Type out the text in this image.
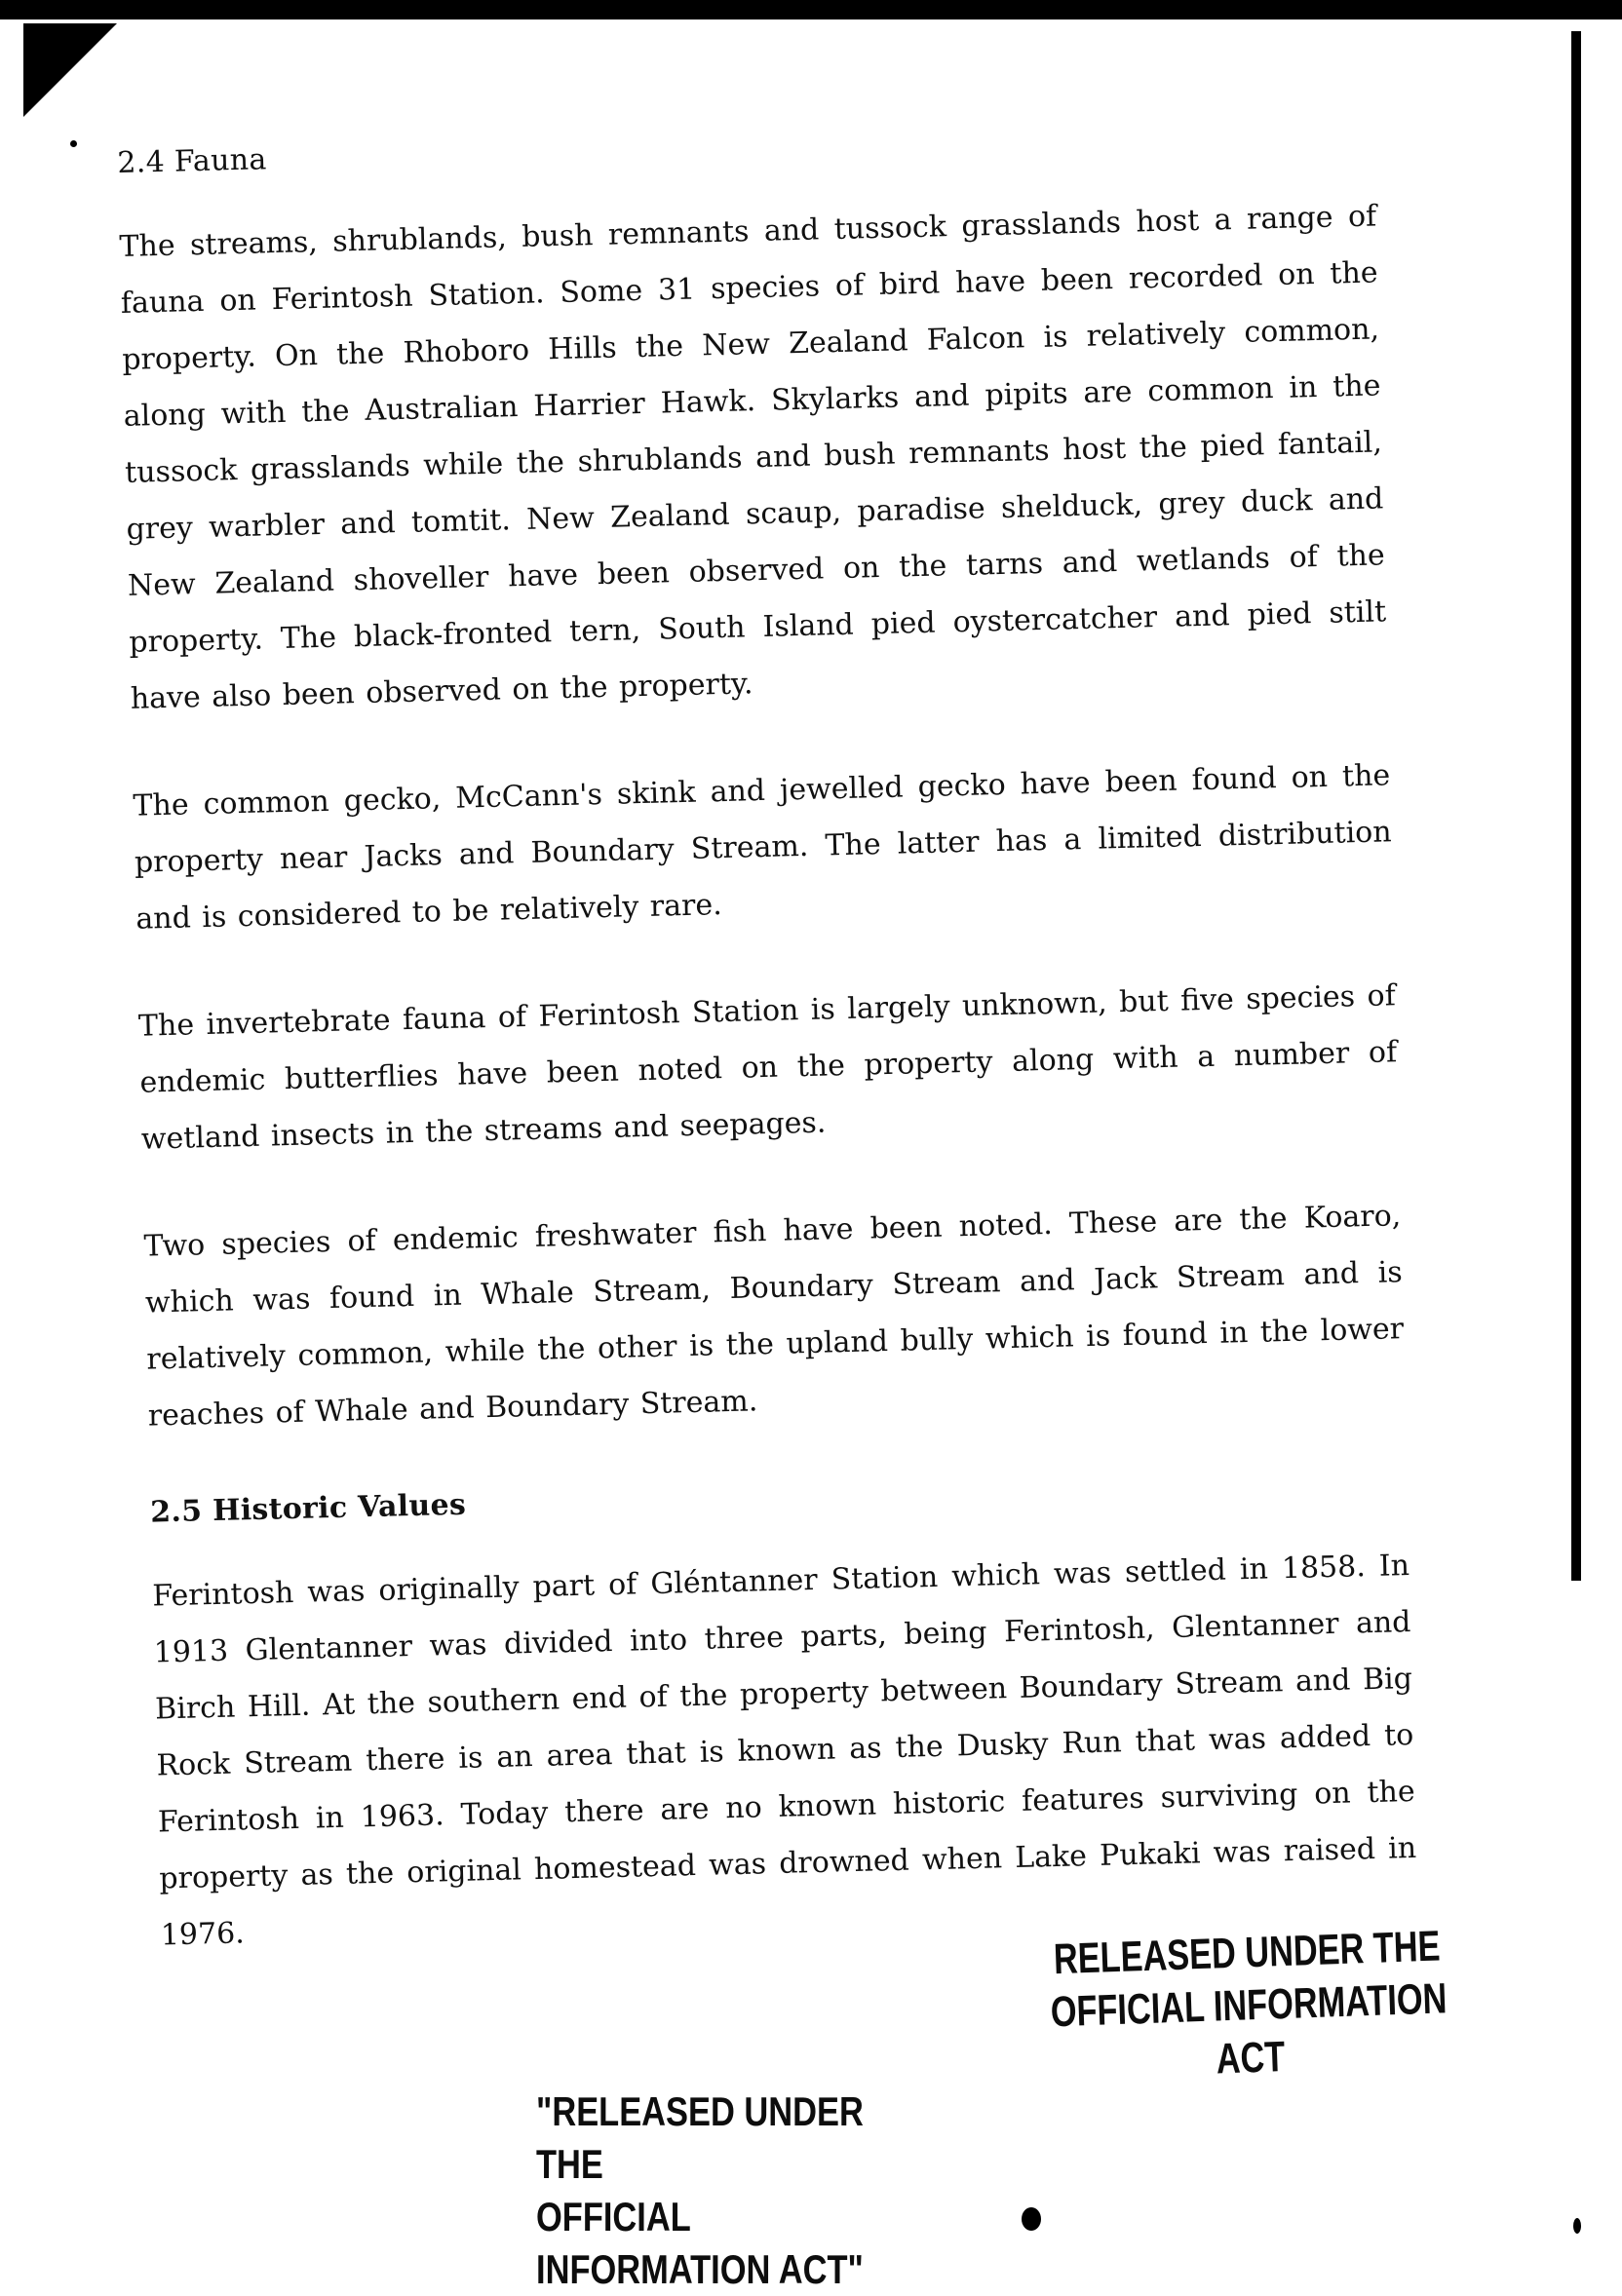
2.4 Fauna

The streams, shrublands, bush remnants and tussock grasslands host a range of fauna on Ferintosh Station. Some 31 species of bird have been recorded on the property. On the Rhoboro Hills the New Zealand Falcon is relatively common, along with the Australian Harrier Hawk. Skylarks and pipits are common in the tussock grasslands while the shrublands and bush remnants host the pied fantail, grey warbler and tomtit. New Zealand scaup, paradise shelduck, grey duck and New Zealand shoveller have been observed on the tarns and wetlands of the property. The black-fronted tern, South Island pied oystercatcher and pied stilt have also been observed on the property.

The common gecko, McCann's skink and jewelled gecko have been found on the property near Jacks and Boundary Stream. The latter has a limited distribution and is considered to be relatively rare.

The invertebrate fauna of Ferintosh Station is largely unknown, but five species of endemic butterflies have been noted on the property along with a number of wetland insects in the streams and seepages.

Two species of endemic freshwater fish have been noted. These are the Koaro, which was found in Whale Stream, Boundary Stream and Jack Stream and is relatively common, while the other is the upland bully which is found in the lower reaches of Whale and Boundary Stream.

2.5 Historic Values

Ferintosh was originally part of Gléntanner Station which was settled in 1858. In 1913 Glentanner was divided into three parts, being Ferintosh, Glentanner and Birch Hill. At the southern end of the property between Boundary Stream and Big Rock Stream there is an area that is known as the Dusky Run that was added to Ferintosh in 1963. Today there are no known historic features surviving on the property as the original homestead was drowned when Lake Pukaki was raised in 1976.	RELEASED UNDER THE
OFFICIAL INFORMATION ACT
"RELEASED UNDER THE
OFFICIAL INFORMATION ACT"
